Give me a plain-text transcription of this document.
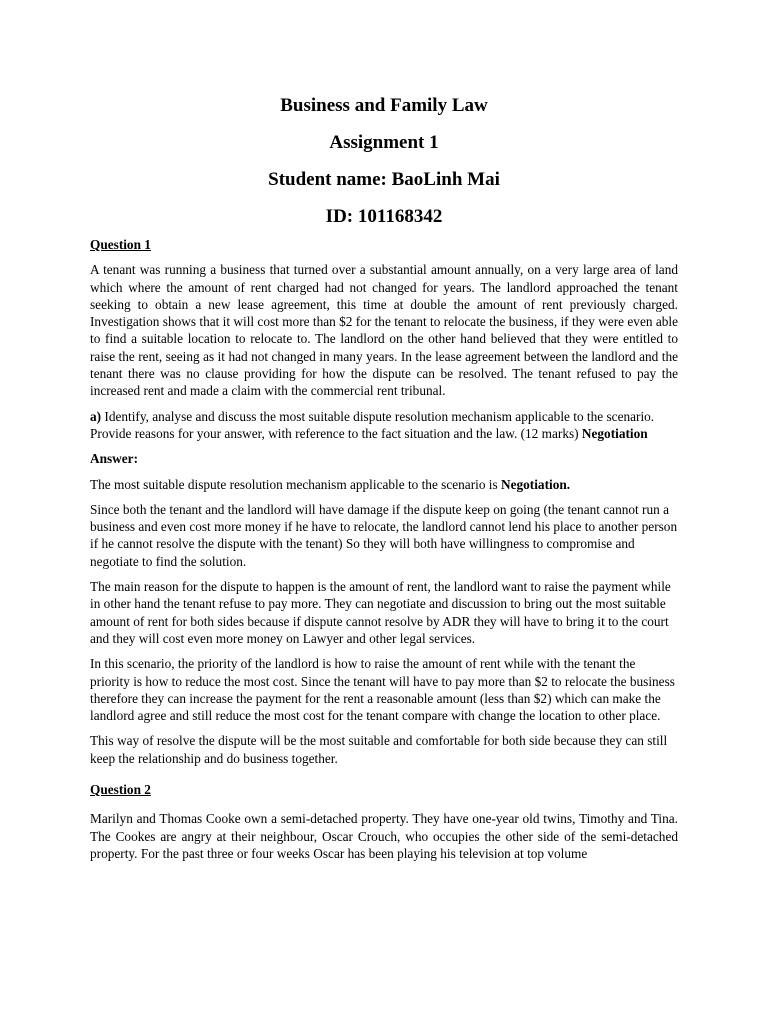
Business and Family Law
Assignment 1
Student name: BaoLinh Mai
ID: 101168342
Question 1

A tenant was running a business that turned over a substantial amount annually, on a very large area of land which where the amount of rent charged had not changed for years. The landlord approached the tenant seeking to obtain a new lease agreement, this time at double the amount of rent previously charged. Investigation shows that it will cost more than $2 for the tenant to relocate the business, if they were even able to find a suitable location to relocate to. The landlord on the other hand believed that they were entitled to raise the rent, seeing as it had not changed in many years. In the lease agreement between the landlord and the tenant there was no clause providing for how the dispute can be resolved. The tenant refused to pay the increased rent and made a claim with the commercial rent tribunal.

a) Identify, analyse and discuss the most suitable dispute resolution mechanism applicable to the scenario. Provide reasons for your answer, with reference to the fact situation and the law. (12 marks) Negotiation

Answer:

The most suitable dispute resolution mechanism applicable to the scenario is Negotiation.

Since both the tenant and the landlord will have damage if the dispute keep on going (the tenant cannot run a business and even cost more money if he have to relocate, the landlord cannot lend his place to another person if he cannot resolve the dispute with the tenant) So they will both have willingness to compromise and negotiate to find the solution.

The main reason for the dispute to happen is the amount of rent, the landlord want to raise the payment while in other hand the tenant refuse to pay more. They can negotiate and discussion to bring out the most suitable amount of rent for both sides because if dispute cannot resolve by ADR they will have to bring it to the court and they will cost even more money on Lawyer and other legal services.

In this scenario, the priority of the landlord is how to raise the amount of rent while with the tenant the priority is how to reduce the most cost. Since the tenant will have to pay more than $2 to relocate the business therefore they can increase the payment for the rent a reasonable amount (less than $2) which can make the landlord agree and still reduce the most cost for the tenant compare with change the location to other place.

This way of resolve the dispute will be the most suitable and comfortable for both side because they can still keep the relationship and do business together.

Question 2

Marilyn and Thomas Cooke own a semi-detached property. They have one-year old twins, Timothy and Tina. The Cookes are angry at their neighbour, Oscar Crouch, who occupies the other side of the semi-detached property. For the past three or four weeks Oscar has been playing his television at top volume
